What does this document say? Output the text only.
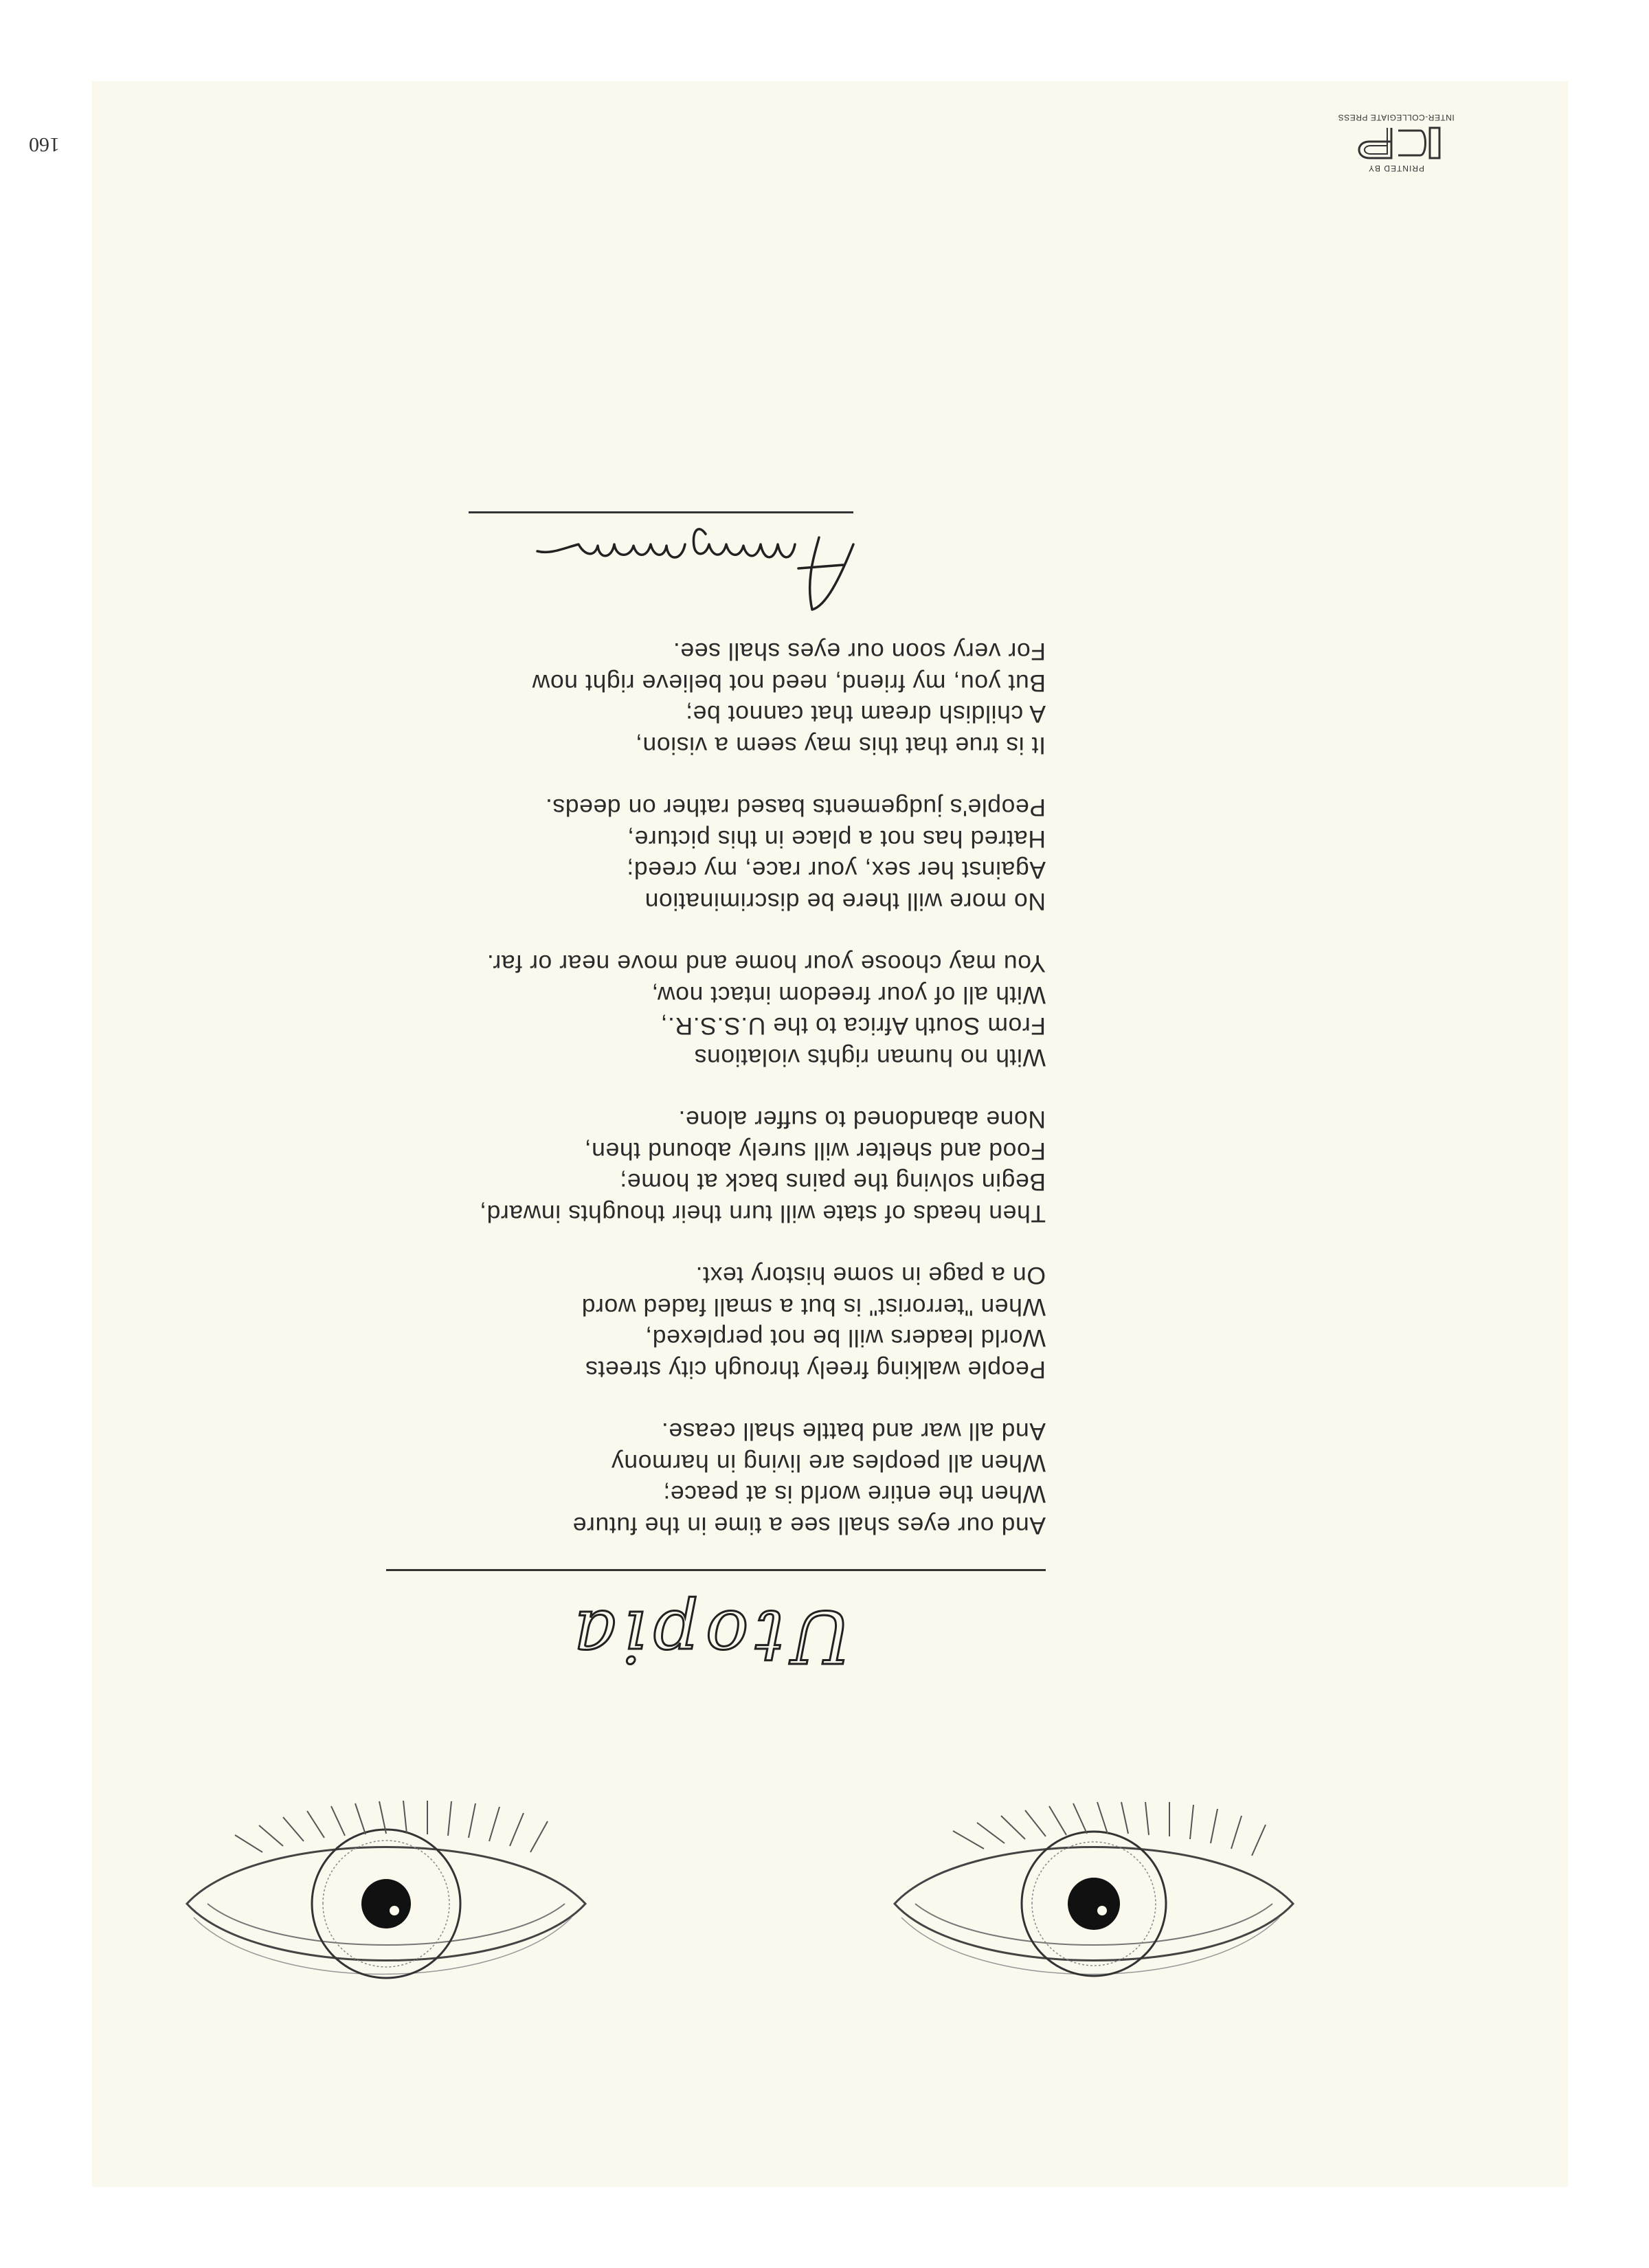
Utopia
And our eyes shall see a time in the future
When the entire world is at peace;
When all peoples are living in harmony
And all war and battle shall cease.
People walking freely through city streets
World leaders will be not perplexed,
When "terrorist" is but a small faded word
On a page in some history text.
Then heads of state will turn their thoughts inward,
Begin solving the pains back at home;
Food and shelter will surely abound then,
None abandoned to suffer alone.
With no human rights violations
From South Africa to the U.S.S.R.,
With all of your freedom intact now,
You may choose your home and move near or far.
No more will there be discrimination
Against her sex, your race, my creed;
Hatred has not a place in this picture,
People's judgements based rather on deeds.
It is true that this may seem a vision,
A childish dream that cannot be;
But you, my friend, need not believe right now
For very soon our eyes shall see.
160
PRINTED BY
INTER-COLLEGIATE PRESS
